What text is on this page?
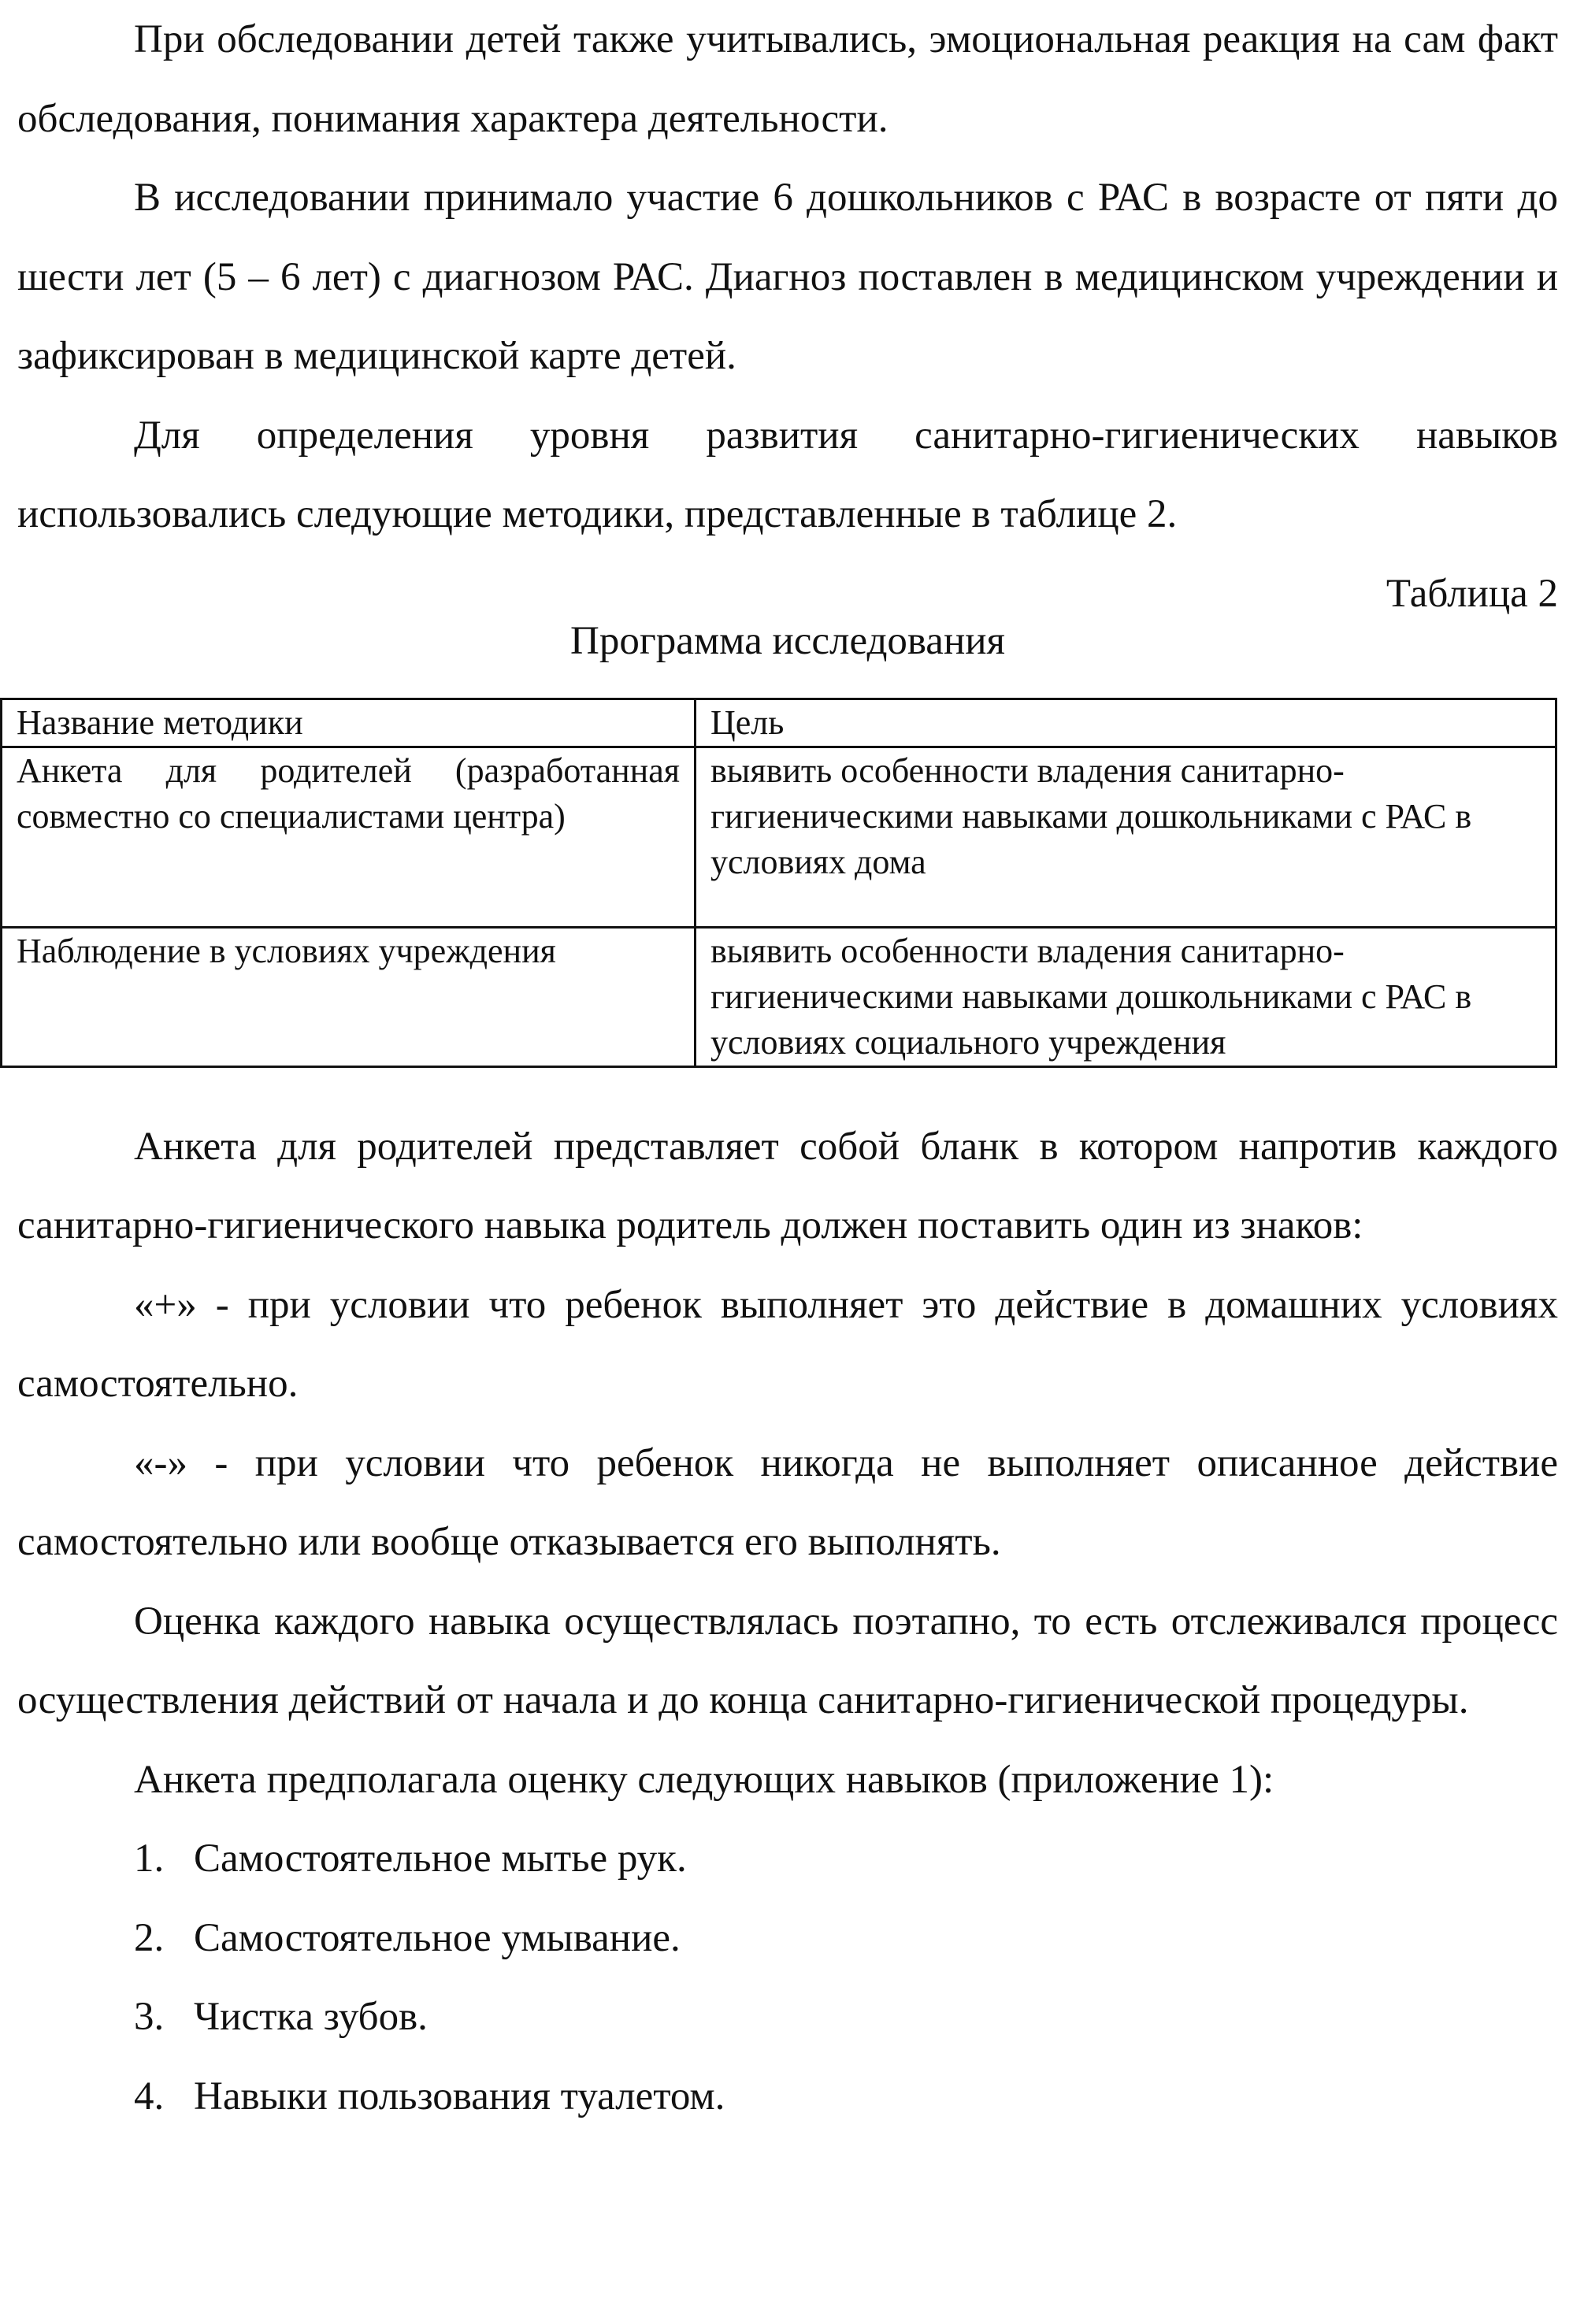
При обследовании детей также учитывались, эмоциональная реакция на сам факт обследования, понимания характера деятельности.

В исследовании принимало участие 6 дошкольников с РАС в возрасте от пяти до шести лет (5 – 6 лет) с диагнозом РАС. Диагноз поставлен в медицинском учреждении и зафиксирован в медицинской карте детей.

Для определения уровня развития санитарно-гигиенических навыков использовались следующие методики, представленные в таблице 2.

Таблица 2

Программа исследования

Название методики	Цель
Анкета для родителей (разработанная совместно со специалистами центра)	выявить особенности владения санитарно-гигиеническими навыками дошкольниками с РАС в условиях дома
Наблюдение в условиях учреждения	выявить особенности владения санитарно-гигиеническими навыками дошкольниками с РАС в условиях социального учреждения

Анкета для родителей представляет собой бланк в котором напротив каждого санитарно-гигиенического навыка родитель должен поставить один из знаков:

«+» - при условии что ребенок выполняет это действие в домашних условиях самостоятельно.

«-» - при условии что ребенок никогда не выполняет описанное действие самостоятельно или вообще отказывается его выполнять.

Оценка каждого навыка осуществлялась поэтапно, то есть отслеживался процесс осуществления действий от начала и до конца санитарно-гигиенической процедуры.

Анкета предполагала оценку следующих навыков (приложение 1):

1. Самостоятельное мытье рук.
2. Самостоятельное умывание.
3. Чистка зубов.
4. Навыки пользования туалетом.
